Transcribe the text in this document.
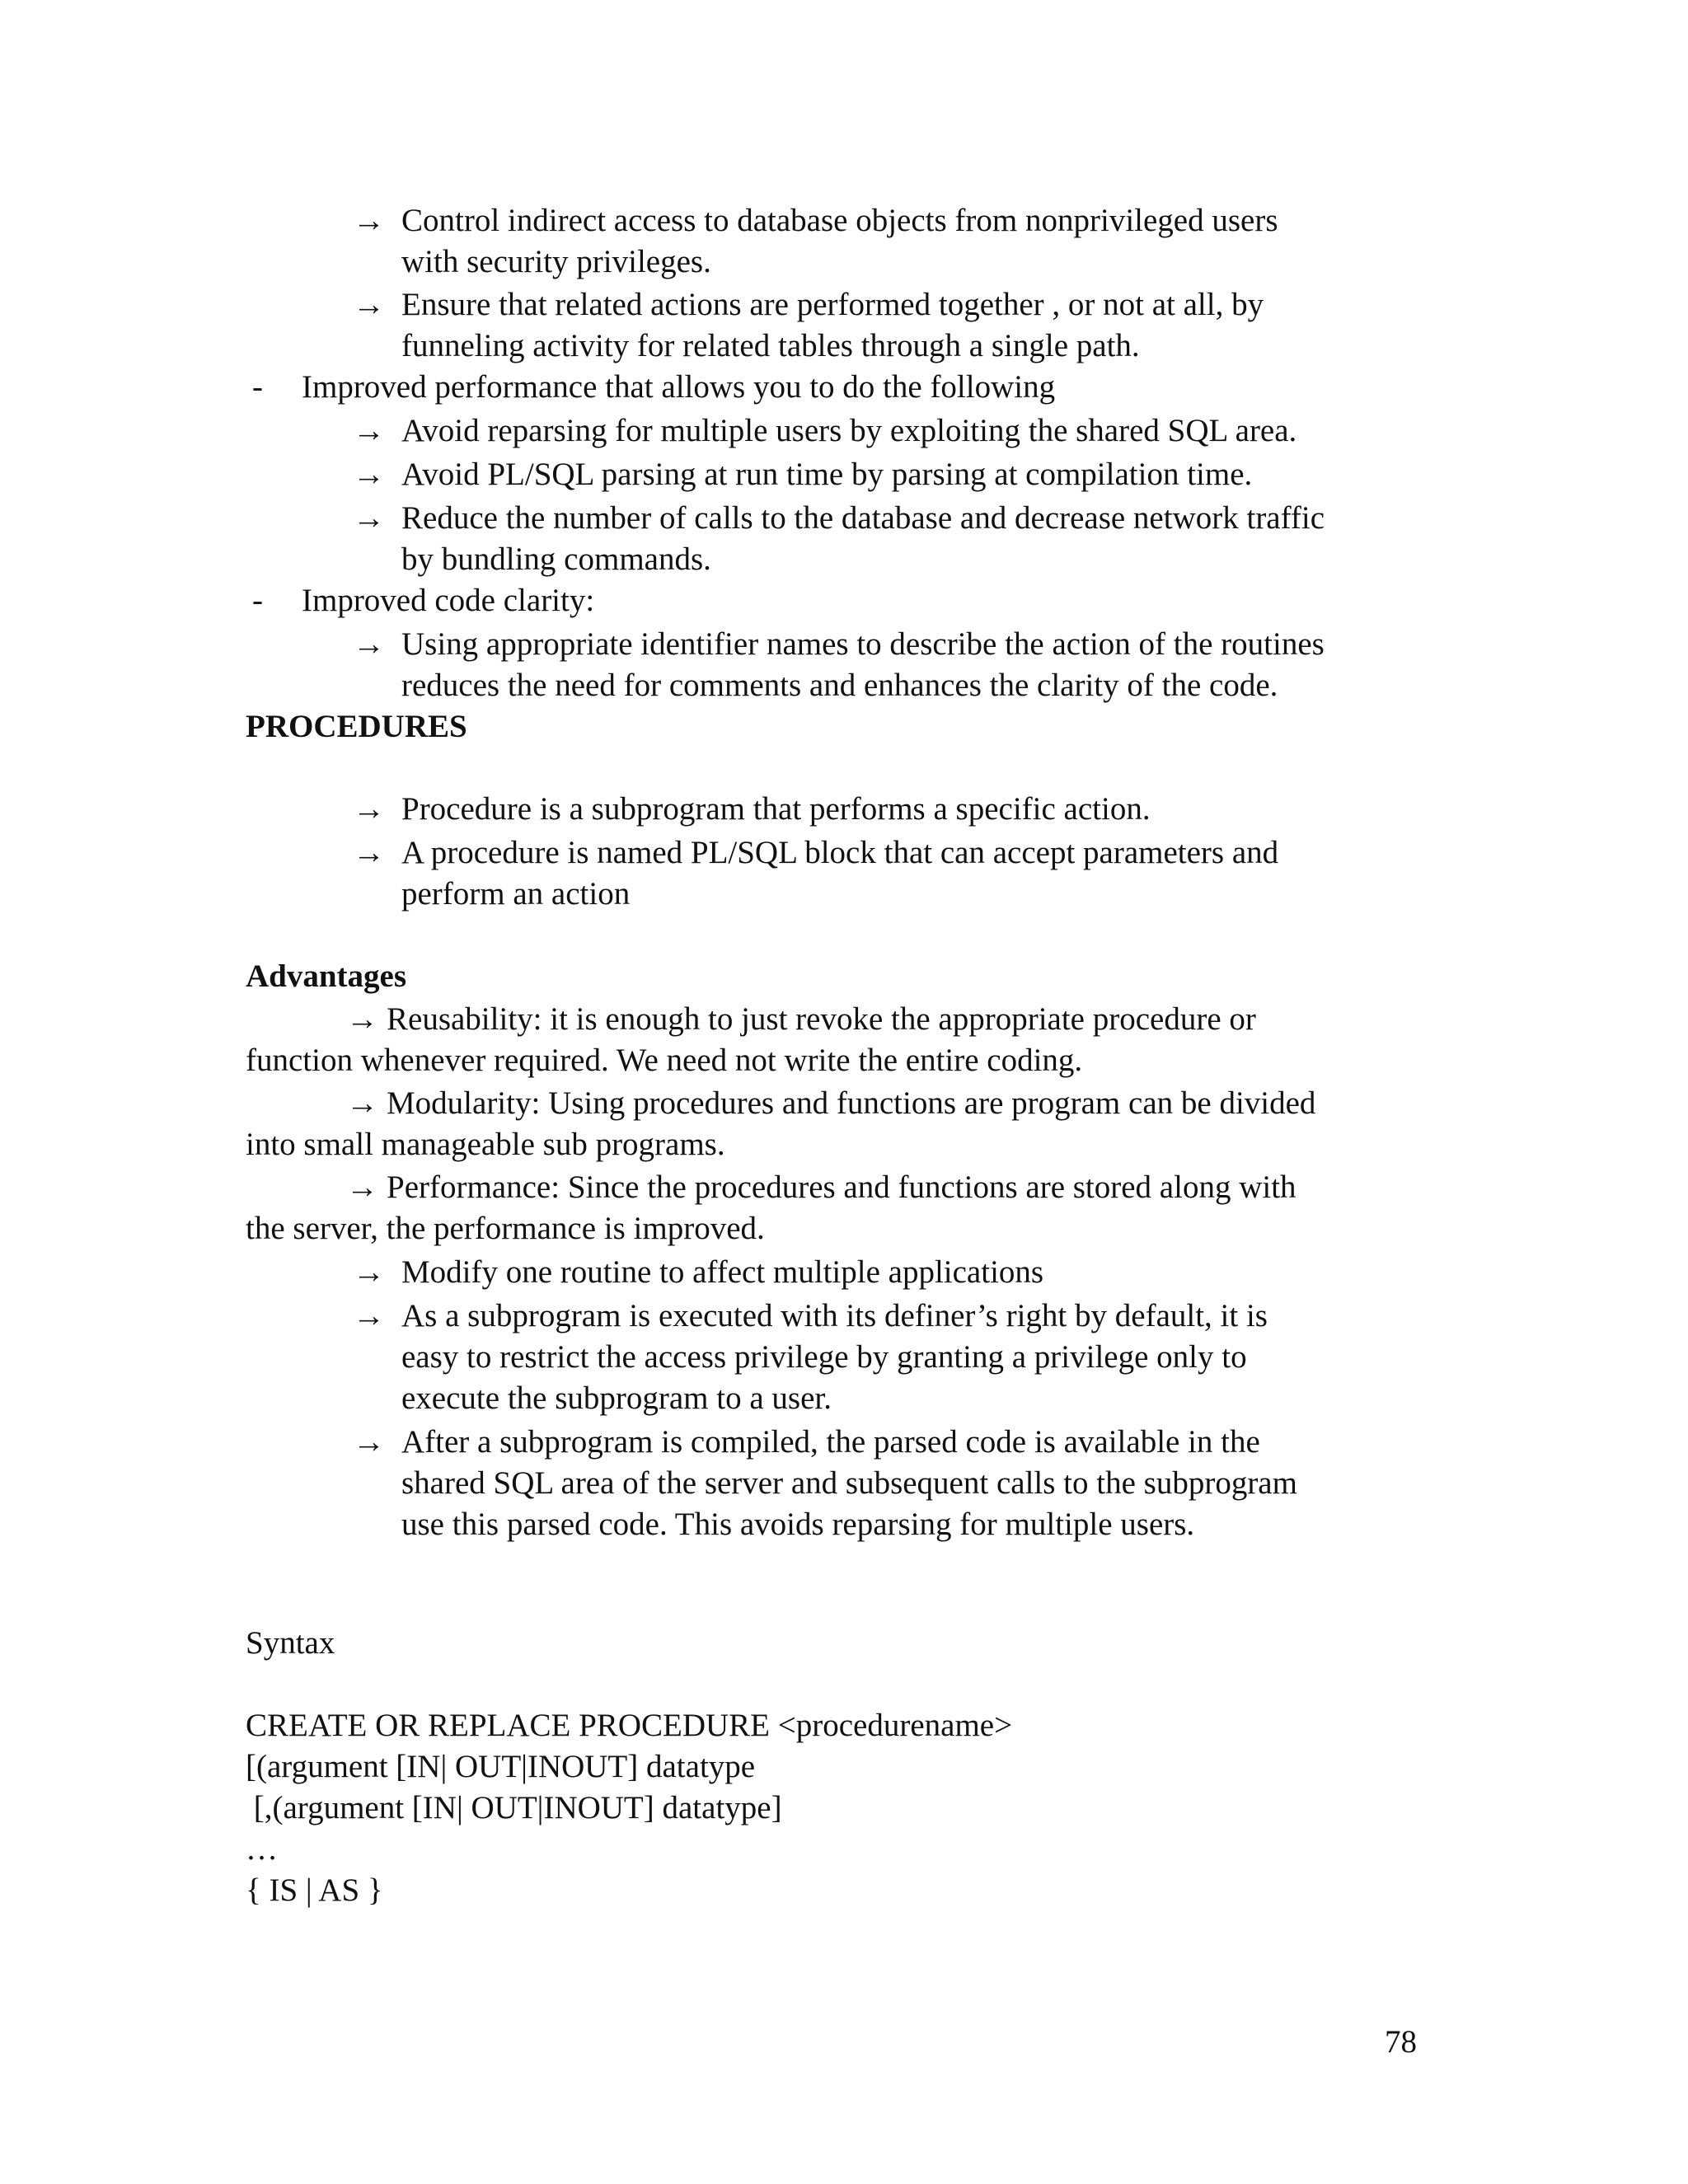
→ Control indirect access to database objects from nonprivileged users
with security privileges.
→ Ensure that related actions are performed together , or not at all, by
funneling activity for related tables through a single path.
- Improved performance that allows you to do the following
→ Avoid reparsing for multiple users by exploiting the shared SQL area.
→ Avoid PL/SQL parsing at run time by parsing at compilation time.
→ Reduce the number of calls to the database and decrease network traffic
by bundling commands.
- Improved code clarity:
→ Using appropriate identifier names to describe the action of the routines
reduces the need for comments and enhances the clarity of the code.
PROCEDURES
→ Procedure is a subprogram that performs a specific action.
→ A procedure is named PL/SQL block that can accept parameters and
perform an action
Advantages
→ Reusability: it is enough to just revoke the appropriate procedure or
function whenever required. We need not write the entire coding.
→ Modularity: Using procedures and functions are program can be divided
into small manageable sub programs.
→ Performance: Since the procedures and functions are stored along with
the server, the performance is improved.
→ Modify one routine to affect multiple applications
→ As a subprogram is executed with its definer’s right by default, it is
easy to restrict the access privilege by granting a privilege only to
execute the subprogram to a user.
→ After a subprogram is compiled, the parsed code is available in the
shared SQL area of the server and subsequent calls to the subprogram
use this parsed code. This avoids reparsing for multiple users.
Syntax
CREATE OR REPLACE PROCEDURE <procedurename>
[(argument [IN| OUT|INOUT] datatype
[,(argument [IN| OUT|INOUT] datatype]
…
{ IS | AS }
78
